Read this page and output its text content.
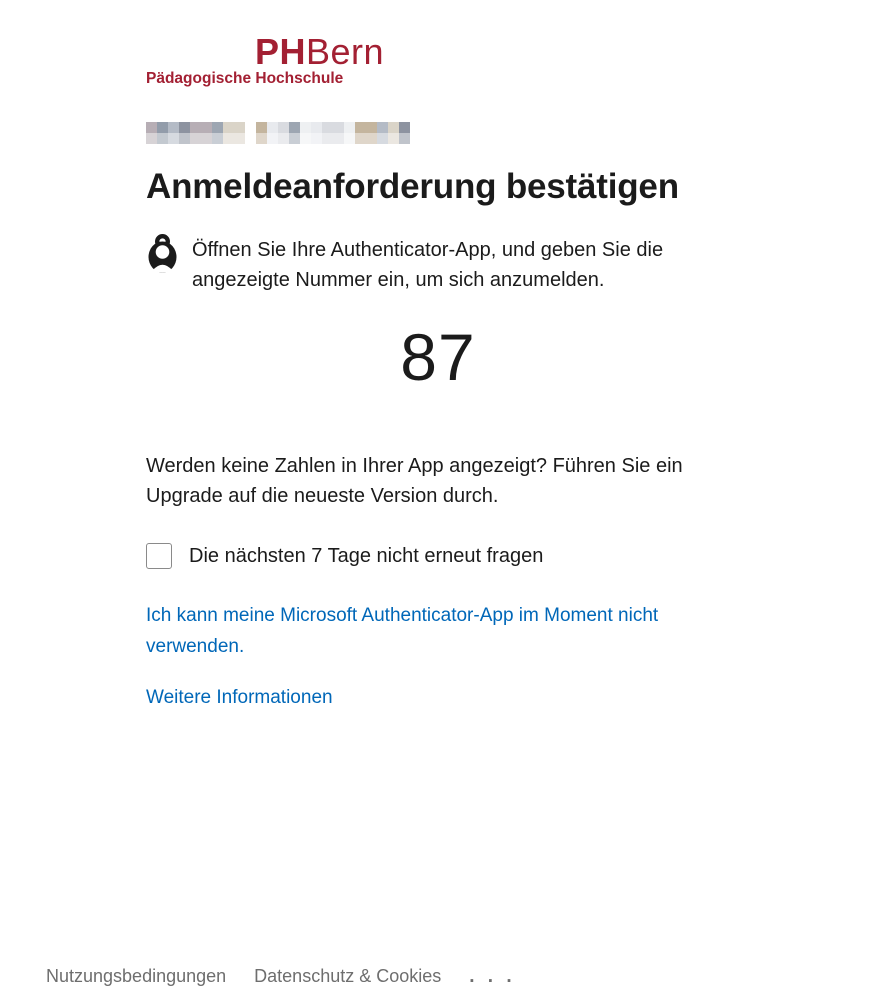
PHBern
Pädagogische Hochschule
Anmeldeanforderung bestätigen

Öffnen Sie Ihre Authenticator-App, und geben Sie die angezeigte Nummer ein, um sich anzumelden.

87

Werden keine Zahlen in Ihrer App angezeigt? Führen Sie ein Upgrade auf die neueste Version durch.

Die nächsten 7 Tage nicht erneut fragen
Ich kann meine Microsoft Authenticator-App im Moment nicht verwenden.
Weitere Informationen
Nutzungsbedingungen Datenschutz & Cookies . . .
